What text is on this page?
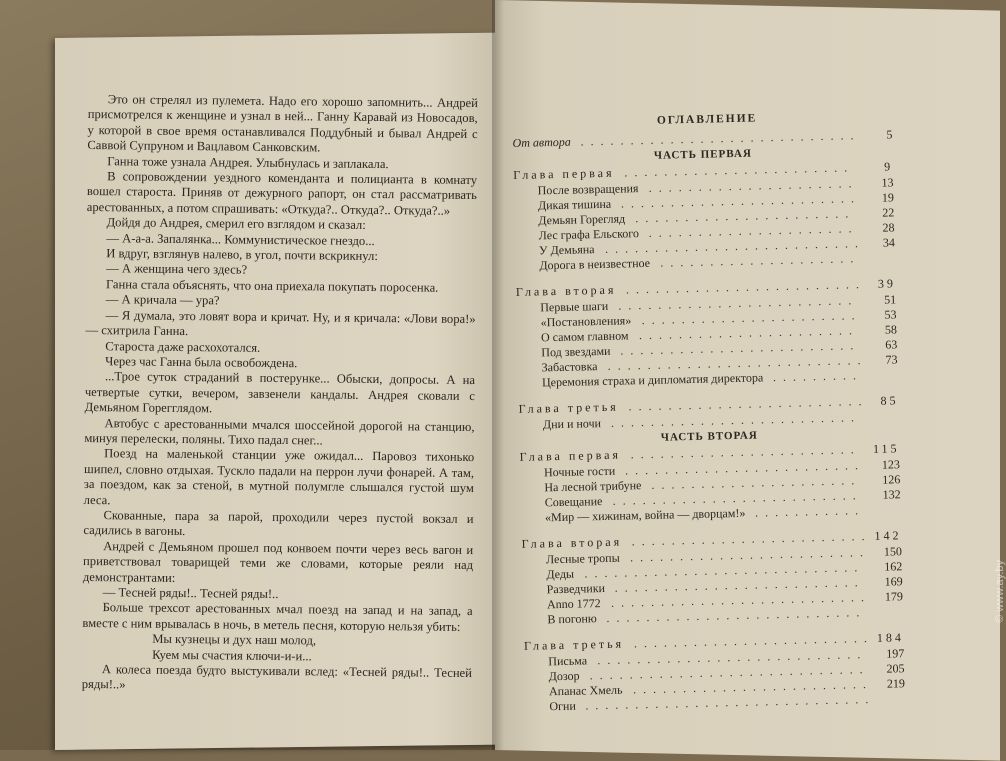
Это он стрелял из пулемета. Надо его хорошо запомнить... Андрей присмотрелся к женщине и узнал в ней... Ганну Каравай из Новосадов, у которой в свое время останавливался Поддубный и бывал Андрей с Саввой Супруном и Вацлавом Санковским.

Ганна тоже узнала Андрея. Улыбнулась и заплакала.

В сопровождении уездного коменданта и полицианта в комнату вошел староста. Приняв от дежурного рапорт, он стал рассматривать арестованных, а потом спрашивать: «Откуда?.. Откуда?.. Откуда?..»

Дойдя до Андрея, смерил его взглядом и сказал:

— А-а-а. Запалянка... Коммунистическое гнездо...

И вдруг, взглянув налево, в угол, почти вскрикнул:

— А женщина чего здесь?

Ганна стала объяснять, что она приехала покупать поросенка.

— А кричала — ура?

— Я думала, это ловят вора и кричат. Ну, и я кричала: «Лови вора!» — схитрила Ганна.

Староста даже расхохотался.

Через час Ганна была освобождена.

...Трое суток страданий в постерунке... Обыски, допросы. А на четвертые сутки, вечером, завзенели кандалы. Андрея сковали с Демьяном Горегглядом.

Автобус с арестованными мчался шоссейной дорогой на станцию, минуя перелески, поляны. Тихо падал снег...

Поезд на маленькой станции уже ожидал... Паровоз тихонько шипел, словно отдыхая. Тускло падали на перрон лучи фонарей. А там, за поездом, как за стеной, в мутной полумгле слышался густой шум леса.

Скованные, пара за парой, проходили через пустой вокзал и садились в вагоны.

Андрей с Демьяном прошел под конвоем почти через весь вагон и приветствовал товарищей теми же словами, которые реяли над демонстрантами:

— Тесней ряды!.. Тесней ряды!..

Больше трехсот арестованных мчал поезд на запад и на запад, а вместе с ним врывалась в ночь, в метель песня, которую нельзя убить:

Мы кузнецы и дух наш молод,

Куем мы счастия ключи-и-и...

А колеса поезда будто выстукивали вслед: «Тесней ряды!.. Тесней ряды!..»

ОГЛАВЛЕНИЕ
От автора ............................ 5
ЧАСТЬ ПЕРВАЯ
Глава первая ....................... 9
После возвращения ..................... 13
Дикая тишина ........................ 19
Демьян Горегляд ...................... 22
Лес графа Ельского ..................... 28
У Демьяна .......................... 34
Дорога в неизвестное ....................
Глава вторая ........................ 39
Первые шаги ........................ 51
«Постановления» ...................... 53
О самом главном ...................... 58
Под звездами ........................ 63
Забастовка .......................... 73
Церемония страха и дипломатия директора .........
Глава третья ........................ 85
Дни и ночи .........................
ЧАСТЬ ВТОРАЯ
Глава первая ....................... 115
Ночные гости ........................ 123
На лесной трибуне ..................... 126
Совещание ......................... 132
«Мир — хижинам, война — дворцам!» ...........
Глава вторая ........................ 142
Лесные тропы ........................ 150
Деды ............................ 162
Разведчики ......................... 169
Anno 1772 .......................... 179
В погоню ..........................
Глава третья ........................ 184
Письма ........................... 197
Дозор ............................ 205
Апанас Хмель ........................ 219
Огни .............................
© www.ay.by
